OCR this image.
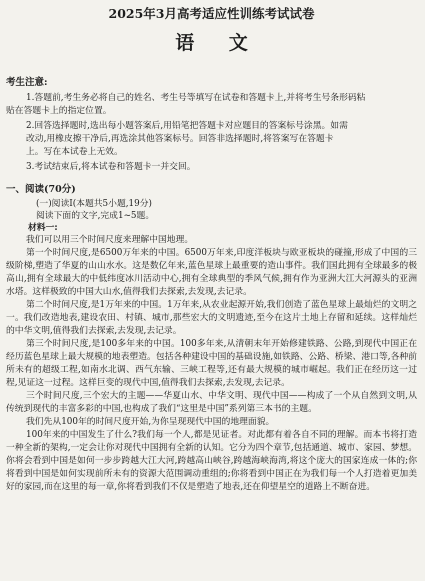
2025年3月高考适应性训练考试试卷
语 文
考生注意:
1.答题前,考生务必将自己的姓名、考生号等填写在试卷和答题卡上,并将考生号条形码粘
贴在答题卡上的指定位置。
2.回答选择题时,选出每小题答案后,用铅笔把答题卡对应题目的答案标号涂黑。如需
改动,用橡皮擦干净后,再选涂其他答案标号。回答非选择题时,将答案写在答题卡
上。写在本试卷上无效。
3.考试结束后,将本试卷和答题卡一并交回。
一、阅读(70分)
(一)阅读Ⅰ(本题共5小题,19分)
阅读下面的文字,完成1~5题。
材料一:

我们可以用三个时间尺度来理解中国地理。

第一个时间尺度,是6500万年来的中国。6500万年来,印度洋板块与欧亚板块的碰撞,形成了中国的三级阶梯,塑造了华夏的山山水水。这是数亿年来,蓝色星球上最重要的造山事件。我们国此拥有全球最多的极高山,拥有全球最大的中低纬度冰川活动中心,拥有全球典型的季风气候,拥有作为亚洲大江大河源头的亚洲水塔。这样极致的中国大山水,值得我们去探索,去发现,去记录。

第二个时间尺度,是1万年来的中国。1万年来,从农业起源开始,我们创造了蓝色星球上最灿烂的文明之一。我们改造地表,建设农田、村镇、城市,那些宏大的文明遗迹,至今在这片土地上存留和延续。这样灿烂的中华文明,值得我们去探索,去发现,去记录。

第三个时间尺度,是100多年来的中国。100多年来,从清朝末年开始修建铁路、公路,到现代中国正在经历蓝色星球上最大规模的地表塑造。包括各种建设中国的基础设施,如铁路、公路、桥梁、港口等,各种前所未有的超级工程,如南水北调、西气东输、三峡工程等,还有最大规模的城市崛起。我们正在经历这一过程,见证这一过程。这样巨变的现代中国,值得我们去探索,去发现,去记录。

三个时间尺度,三个宏大的主题——华夏山水、中华文明、现代中国——构成了一个从自然到文明,从传统到现代的丰富多彩的中国,也构成了我们“这里是中国”系列第三本书的主题。

我们先从100年的时间尺度开始,为你呈现现代中国的地理面貌。

100年来的中国发生了什么?我们每一个人,都是见证者。对此都有着各自不同的理解。而本书将打造一种全新的架构,一定会让你对现代中国拥有全新的认知。它分为四个章节,包括通道、城市、家园、梦想。你将会看到中国是如何一步步跨越大江大河,跨越高山峡谷,跨越海峡海湾,将这个庞大的国家连成一体的;你将看到中国是如何实现前所未有的资源大范围调动重组的;你将看到中国正在为我们每一个人打造着更加美好的家园,而在这里的每一章,你将看到我们不仅是塑造了地表,还在仰望星空的道路上不断奋进。
